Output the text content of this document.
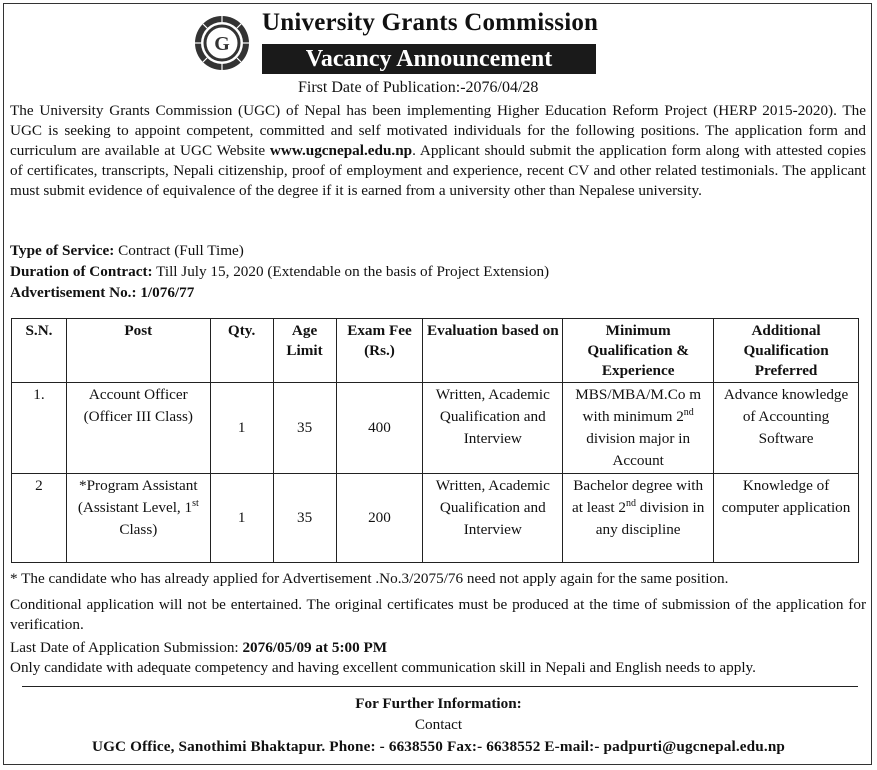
G
University Grants Commission
Vacancy Announcement
First Date of Publication:-2076/04/28

The University Grants Commission (UGC) of Nepal has been implementing Higher Education Reform Project (HERP 2015-2020). The UGC is seeking to appoint competent, committed and self motivated individuals for the following positions. The application form and curriculum are available at UGC Website www.ugcnepal.edu.np. Applicant should submit the application form along with attested copies of certificates, transcripts, Nepali citizenship, proof of employment and experience, recent CV and other related testimonials. The applicant must submit evidence of equivalence of the degree if it is earned from a university other than Nepalese university.

Type of Service: Contract (Full Time)
Duration of Contract: Till July 15, 2020 (Extendable on the basis of Project Extension)
Advertisement No.: 1/076/77
S.N.	Post	Qty.	Age Limit	Exam Fee (Rs.)	Evaluation based on	Minimum Qualification & Experience	Additional Qualification Preferred
1.	Account Officer (Officer III Class)	1	35	400	Written, Academic Qualification and Interview	MBS/MBA/M.Co m with minimum 2nd division major in Account	Advance knowledge of Accounting Software
2	*Program Assistant (Assistant Level, 1st Class)	1	35	200	Written, Academic Qualification and Interview	Bachelor degree with at least 2nd division in any discipline	Knowledge of computer application

* The candidate who has already applied for Advertisement .No.3/2075/76 need not apply again for the same position.

Conditional application will not be entertained. The original certificates must be produced at the time of submission of the application for verification.

Last Date of Application Submission: 2076/05/09 at 5:00 PM

Only candidate with adequate competency and having excellent communication skill in Nepali and English needs to apply.

For Further Information:
Contact
UGC Office, Sanothimi Bhaktapur. Phone: - 6638550 Fax:- 6638552 E-mail:- padpurti@ugcnepal.edu.np
